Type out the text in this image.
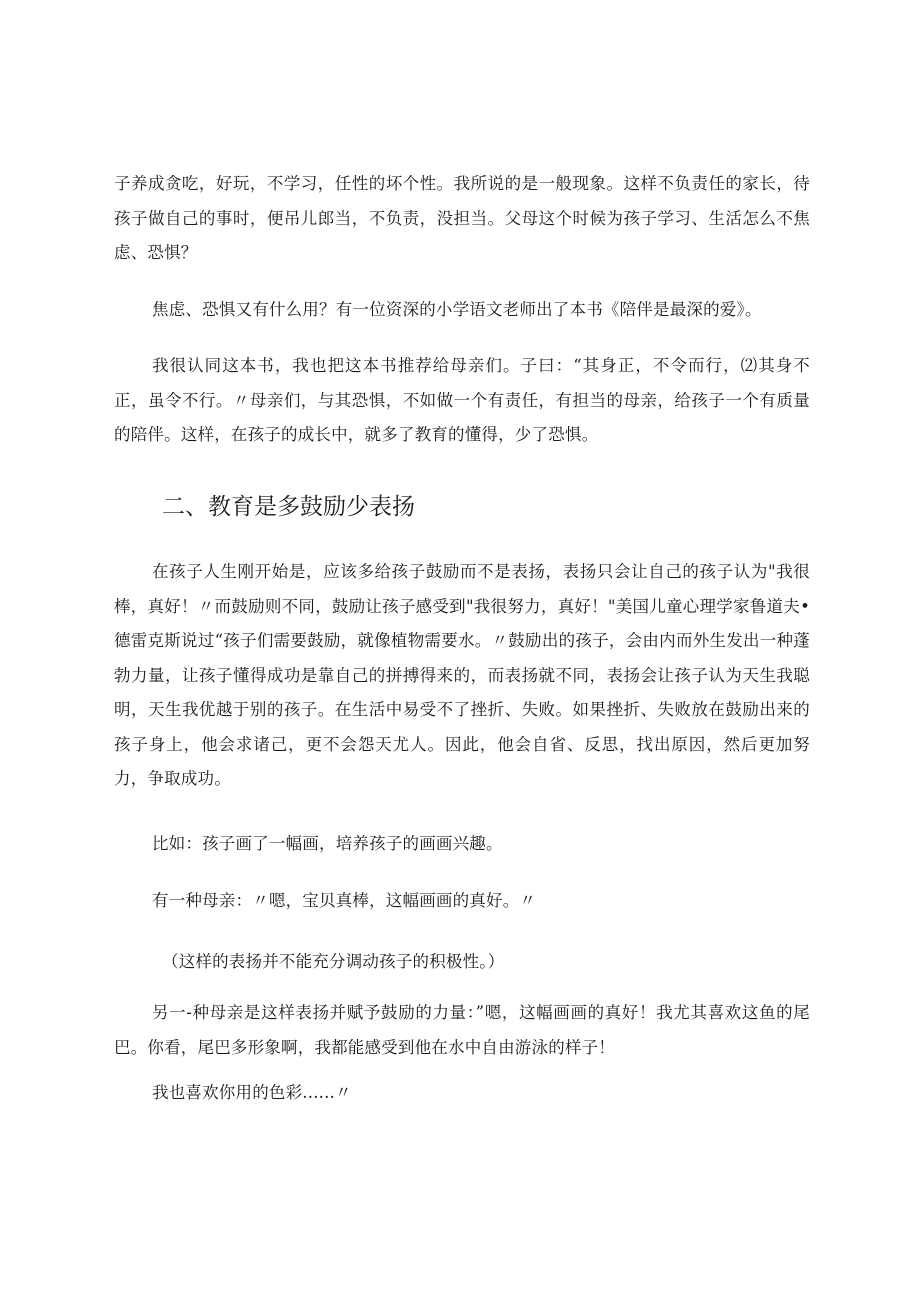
子养成贪吃，好玩，不学习，任性的坏个性。我所说的是一般现象。这样不负责任的家长，待孩子做自己的事时，便吊儿郎当，不负责，没担当。父母这个时候为孩子学习、生活怎么不焦虑、恐惧？

焦虑、恐惧又有什么用？有一位资深的小学语文老师出了本书《陪伴是最深的爱》。

我很认同这本书，我也把这本书推荐给母亲们。子曰：“其身正，不令而行，⑵其身不正，虽令不行。〃母亲们，与其恐惧，不如做一个有责任，有担当的母亲，给孩子一个有质量的陪伴。这样，在孩子的成长中，就多了教育的懂得，少了恐惧。

二、教育是多鼓励少表扬

在孩子人生刚开始是，应该多给孩子鼓励而不是表扬，表扬只会让自己的孩子认为"我很棒，真好！〃而鼓励则不同，鼓励让孩子感受到"我很努力，真好！"美国儿童心理学家鲁道夫•德雷克斯说过“孩子们需要鼓励，就像植物需要水。〃鼓励出的孩子，会由内而外生发出一种蓬勃力量，让孩子懂得成功是靠自己的拼搏得来的，而表扬就不同，表扬会让孩子认为天生我聪明，天生我优越于别的孩子。在生活中易受不了挫折、失败。如果挫折、失败放在鼓励出来的孩子身上，他会求诸己，更不会怨天尤人。因此，他会自省、反思，找出原因，然后更加努力，争取成功。

比如：孩子画了一幅画，培养孩子的画画兴趣。

有一种母亲：〃嗯，宝贝真棒，这幅画画的真好。〃

（这样的表扬并不能充分调动孩子的积极性。）

另一-种母亲是这样表扬并赋予鼓励的力量：”嗯，这幅画画的真好！我尤其喜欢这鱼的尾巴。你看，尾巴多形象啊，我都能感受到他在水中自由游泳的样子！

我也喜欢你用的色彩......〃
